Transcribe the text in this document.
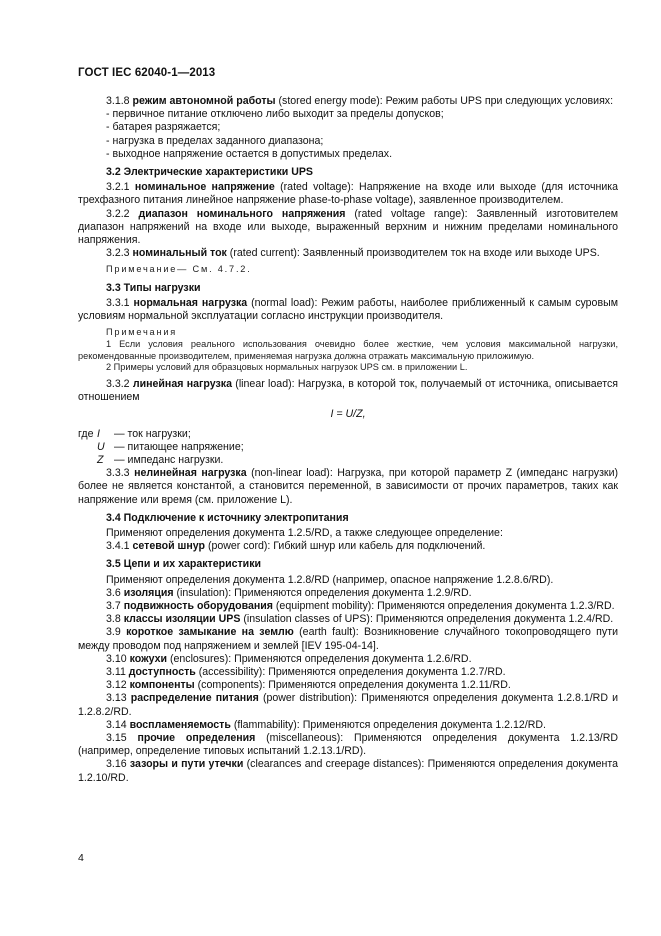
ГОСТ IEC 62040-1—2013

3.1.8 режим автономной работы (stored energy mode): Режим работы UPS при следующих условиях:

- первичное питание отключено либо выходит за пределы допусков;

- батарея разряжается;

- нагрузка в пределах заданного диапазона;

- выходное напряжение остается в допустимых пределах.

3.2 Электрические характеристики UPS

3.2.1 номинальное напряжение (rated voltage): Напряжение на входе или выходе (для источника трехфазного питания линейное напряжение phase-to-phase voltage), заявленное производителем.

3.2.2 диапазон номинального напряжения (rated voltage range): Заявленный изготовителем диапазон напряжений на входе или выходе, выраженный верхним и нижним пределами номинального напряжения.

3.2.3 номинальный ток (rated current): Заявленный производителем ток на входе или выходе UPS.

Примечание— См. 4.7.2.

3.3 Типы нагрузки

3.3.1 нормальная нагрузка (normal load): Режим работы, наиболее приближенный к самым суровым условиям нормальной эксплуатации согласно инструкции производителя.

Примечания

1 Если условия реального использования очевидно более жесткие, чем условия максимальной нагрузки, рекомендованные производителем, применяемая нагрузка должна отражать максимальную приложимую.

2 Примеры условий для образцовых нормальных нагрузок UPS см. в приложении L.

3.3.2 линейная нагрузка (linear load): Нагрузка, в которой ток, получаемый от источника, описывается отношением

I = U/Z,

где I	— ток нагрузки;
U — питающее напряжение;
Z — импеданс нагрузки.

3.3.3 нелинейная нагрузка (non-linear load): Нагрузка, при которой параметр Z (импеданс нагрузки) более не является константой, а становится переменной, в зависимости от прочих параметров, таких как напряжение или время (см. приложение L).

3.4 Подключение к источнику электропитания

Применяют определения документа 1.2.5/RD, а также следующее определение:

3.4.1 сетевой шнур (power cord): Гибкий шнур или кабель для подключений.

3.5 Цепи и их характеристики

Применяют определения документа 1.2.8/RD (например, опасное напряжение 1.2.8.6/RD).

3.6 изоляция (insulation): Применяются определения документа 1.2.9/RD.

3.7 подвижность оборудования (equipment mobility): Применяются определения документа 1.2.3/RD.

3.8 классы изоляции UPS (insulation classes of UPS): Применяются определения документа 1.2.4/RD.

3.9 короткое замыкание на землю (earth fault): Возникновение случайного токопроводящего пути между проводом под напряжением и землей [IEV 195-04-14].

3.10 кожухи (enclosures): Применяются определения документа 1.2.6/RD.

3.11 доступность (accessibility): Применяются определения документа 1.2.7/RD.

3.12 компоненты (components): Применяются определения документа 1.2.11/RD.

3.13 распределение питания (power distribution): Применяются определения документа 1.2.8.1/RD и 1.2.8.2/RD.

3.14 воспламеняемость (flammability): Применяются определения документа 1.2.12/RD.

3.15 прочие определения (miscellaneous): Применяются определения документа 1.2.13/RD (например, определение типовых испытаний 1.2.13.1/RD).

3.16 зазоры и пути утечки (clearances and creepage distances): Применяются определения документа 1.2.10/RD.

4
